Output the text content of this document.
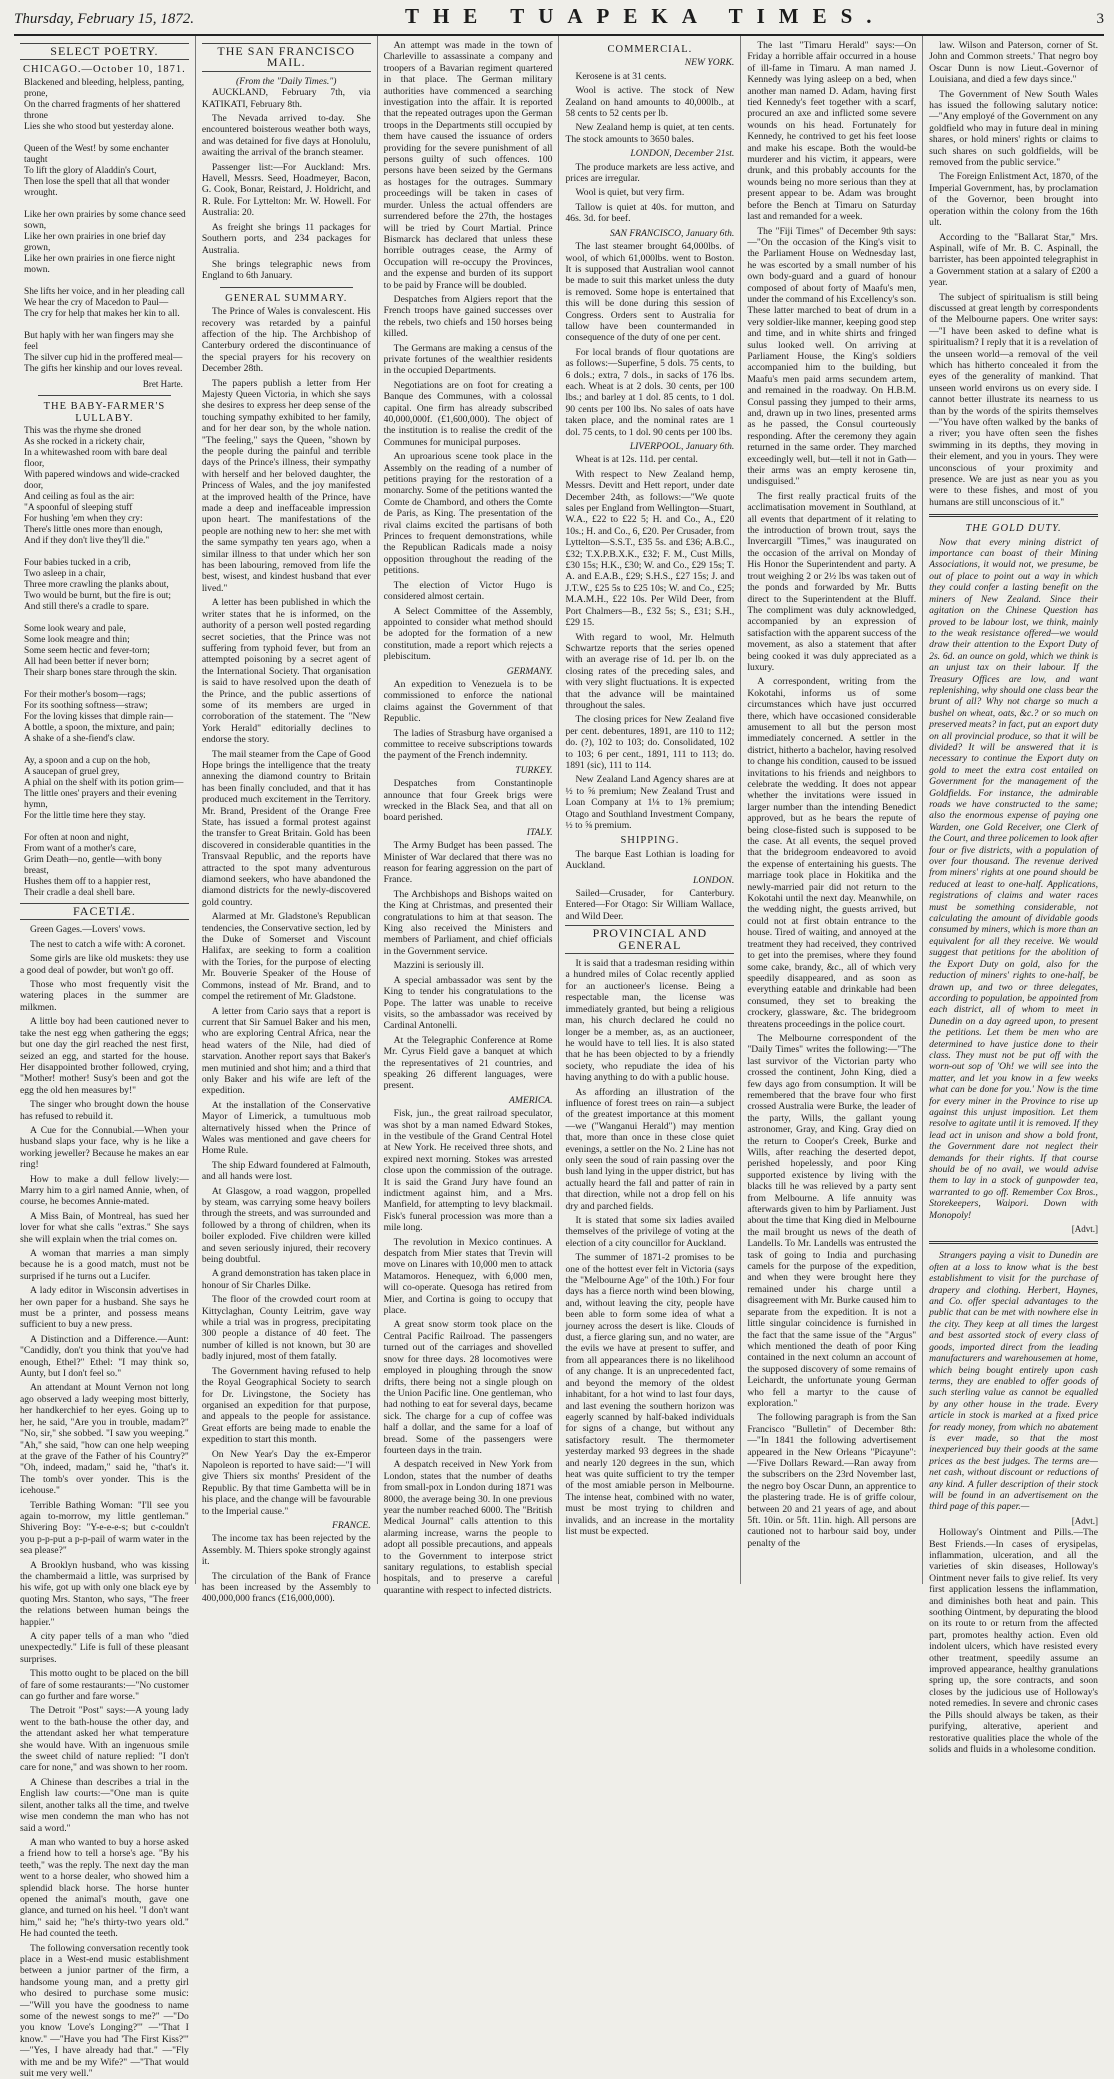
Thursday, February 15, 1872.	THE TUAPEKA TIMES.	3
SELECT POETRY.
CHICAGO.—October 10, 1871.
Blackened and bleeding, helpless, panting, prone,
On the charred fragments of her shattered throne
Lies she who stood but yesterday alone.

Queen of the West! by some enchanter taught
To lift the glory of Aladdin's Court,
Then lose the spell that all that wonder wrought.

Like her own prairies by some chance seed sown,
Like her own prairies in one brief day grown,
Like her own prairies in one fierce night mown.

She lifts her voice, and in her pleading call
We hear the cry of Macedon to Paul—
The cry for help that makes her kin to all.

But haply with her wan fingers may she feel
The silver cup hid in the proffered meal—
The gifts her kinship and our loves reveal.
Bret Harte.
THE BABY-FARMER'S LULLABY.
This was the rhyme she droned
As she rocked in a rickety chair,
In a whitewashed room with bare deal floor,
With papered windows and wide-cracked door,
And ceiling as foul as the air:
"A spoonful of sleeping stuff
For hushing 'em when they cry:
There's little ones more than enough,
And if they don't live they'll die."

Four babies tucked in a crib,
Two asleep in a chair,
Three more crawling the planks about,
Two would be burnt, but the fire is out;
And still there's a cradle to spare.

Some look weary and pale,
Some look meagre and thin;
Some seem hectic and fever-torn;
All had been better if never born;
Their sharp bones stare through the skin.

For their mother's bosom—rags;
For its soothing softness—straw;
For the loving kisses that dimple rain—
A bottle, a spoon, the mixture, and pain;
A shake of a she-fiend's claw.

Ay, a spoon and a cup on the hob,
A saucepan of gruel grey,
A phial on the shelf with its potion grim—
The little ones' prayers and their evening hymn,
For the little time here they stay.

For often at noon and night,
From want of a mother's care,
Grim Death—no, gentle—with bony breast,
Hushes them off to a happier rest,
Their cradle a deal shell bare.
FACETIÆ.

Green Gages.—Lovers' vows.

The nest to catch a wife with: A coronet.

Some girls are like old muskets: they use a good deal of powder, but won't go off.

Those who most frequently visit the watering places in the summer are milkmen.

A little boy had been cautioned never to take the nest egg when gathering the eggs; but one day the girl reached the nest first, seized an egg, and started for the house. Her disappointed brother followed, crying, "Mother! mother! Susy's been and got the egg the old hen measures by!"

The singer who brought down the house has refused to rebuild it.

A Cue for the Connubial.—When your husband slaps your face, why is he like a working jeweller? Because he makes an ear ring!

How to make a dull fellow lively:—Marry him to a girl named Annie, when, of course, he becomes Annie-mated.

A Miss Bain, of Montreal, has sued her lover for what she calls "extras." She says she will explain when the trial comes on.

A woman that marries a man simply because he is a good match, must not be surprised if he turns out a Lucifer.

A lady editor in Wisconsin advertises in her own paper for a husband. She says he must be a printer, and possess means sufficient to buy a new press.

A Distinction and a Difference.—Aunt: "Candidly, don't you think that you've had enough, Ethel?" Ethel: "I may think so, Aunty, but I don't feel so."

An attendant at Mount Vernon not long ago observed a lady weeping most bitterly, her handkerchief to her eyes. Going up to her, he said, "Are you in trouble, madam?" "No, sir," she sobbed. "I saw you weeping." "Ah," she said, "how can one help weeping at the grave of the Father of his Country?" "Oh, indeed, madam," said he, "that's it. The tomb's over yonder. This is the icehouse."

Terrible Bathing Woman: "I'll see you again to-morrow, my little gentleman." Shivering Boy: "Y-e-e-e-s; but c-couldn't you p-p-put a p-p-pail of warm water in the sea please?"

A Brooklyn husband, who was kissing the chambermaid a little, was surprised by his wife, got up with only one black eye by quoting Mrs. Stanton, who says, "The freer the relations between human beings the happier."

A city paper tells of a man who "died unexpectedly." Life is full of these pleasant surprises.

This motto ought to be placed on the bill of fare of some restaurants:—"No customer can go further and fare worse."

The Detroit "Post" says:—A young lady went to the bath-house the other day, and the attendant asked her what temperature she would have. With an ingenuous smile the sweet child of nature replied: "I don't care for none," and was shown to her room.

A Chinese than describes a trial in the English law courts:—"One man is quite silent, another talks all the time, and twelve wise men condemn the man who has not said a word."

A man who wanted to buy a horse asked a friend how to tell a horse's age. "By his teeth," was the reply. The next day the man went to a horse dealer, who showed him a splendid black horse. The horse hunter opened the animal's mouth, gave one glance, and turned on his heel. "I don't want him," said he; "he's thirty-two years old." He had counted the teeth.

The following conversation recently took place in a West-end music establishment between a junior partner of the firm, a handsome young man, and a pretty girl who desired to purchase some music:—"Will you have the goodness to name some of the newest songs to me?" —"Do you know 'Love's Longing?'" —"That I know." —"Have you had 'The First Kiss?'" —"Yes, I have already had that." —"Fly with me and be my Wife?" —"That would suit me very well."

THE SAN FRANCISCO MAIL.
(From the "Daily Times.")

AUCKLAND, February 7th, via KATIKATI, February 8th.

The Nevada arrived to-day. She encountered boisterous weather both ways, and was detained for five days at Honolulu, awaiting the arrival of the branch steamer.

Passenger list:—For Auckland: Mrs. Havell, Messrs. Seed, Hoadmeyer, Bacon, G. Cook, Bonar, Reistard, J. Holdricht, and R. Rule. For Lyttelton: Mr. W. Howell. For Australia: 20.

As freight she brings 11 packages for Southern ports, and 234 packages for Australia.

She brings telegraphic news from England to 6th January.

GENERAL SUMMARY.

The Prince of Wales is convalescent. His recovery was retarded by a painful affection of the hip. The Archbishop of Canterbury ordered the discontinuance of the special prayers for his recovery on December 28th.

The papers publish a letter from Her Majesty Queen Victoria, in which she says she desires to express her deep sense of the touching sympathy exhibited to her family, and for her dear son, by the whole nation. "The feeling," says the Queen, "shown by the people during the painful and terrible days of the Prince's illness, their sympathy with herself and her beloved daughter, the Princess of Wales, and the joy manifested at the improved health of the Prince, have made a deep and ineffaceable impression upon heart. The manifestations of the people are nothing new to her: she met with the same sympathy ten years ago, when a similar illness to that under which her son has been labouring, removed from life the best, wisest, and kindest husband that ever lived."

A letter has been published in which the writer states that he is informed, on the authority of a person well posted regarding secret societies, that the Prince was not suffering from typhoid fever, but from an attempted poisoning by a secret agent of the International Society. That organisation is said to have resolved upon the death of the Prince, and the public assertions of some of its members are urged in corroboration of the statement. The "New York Herald" editorially declines to endorse the story.

The mail steamer from the Cape of Good Hope brings the intelligence that the treaty annexing the diamond country to Britain has been finally concluded, and that it has produced much excitement in the Territory. Mr. Brand, President of the Orange Free State, has issued a formal protest against the transfer to Great Britain. Gold has been discovered in considerable quantities in the Transvaal Republic, and the reports have attracted to the spot many adventurous diamond seekers, who have abandoned the diamond districts for the newly-discovered gold country.

Alarmed at Mr. Gladstone's Republican tendencies, the Conservative section, led by the Duke of Somerset and Viscount Halifax, are seeking to form a coalition with the Tories, for the purpose of electing Mr. Bouverie Speaker of the House of Commons, instead of Mr. Brand, and to compel the retirement of Mr. Gladstone.

A letter from Cario says that a report is current that Sir Samuel Baker and his men, who are exploring Central Africa, near the head waters of the Nile, had died of starvation. Another report says that Baker's men mutinied and shot him; and a third that only Baker and his wife are left of the expedition.

At the installation of the Conservative Mayor of Limerick, a tumultuous mob alternatively hissed when the Prince of Wales was mentioned and gave cheers for Home Rule.

The ship Edward foundered at Falmouth, and all hands were lost.

At Glasgow, a road waggon, propelled by steam, was carrying some heavy boilers through the streets, and was surrounded and followed by a throng of children, when its boiler exploded. Five children were killed and seven seriously injured, their recovery being doubtful.

A grand demonstration has taken place in honour of Sir Charles Dilke.

The floor of the crowded court room at Kittyclaghan, County Leitrim, gave way while a trial was in progress, precipitating 300 people a distance of 40 feet. The number of killed is not known, but 30 are badly injured, most of them fatally.

The Government having refused to help the Royal Geographical Society to search for Dr. Livingstone, the Society has organised an expedition for that purpose, and appeals to the people for assistance. Great efforts are being made to enable the expedition to start this month.

On New Year's Day the ex-Emperor Napoleon is reported to have said:—"I will give Thiers six months' President of the Republic. By that time Gambetta will be in his place, and the change will be favourable to the Imperial cause."

FRANCE.

The income tax has been rejected by the Assembly. M. Thiers spoke strongly against it.

The circulation of the Bank of France has been increased by the Assembly to 400,000,000 francs (£16,000,000).

An attempt was made in the town of Charleville to assassinate a company and troopers of a Bavarian regiment quartered in that place. The German military authorities have commenced a searching investigation into the affair. It is reported that the repeated outrages upon the German troops in the Departments still occupied by them have caused the issuance of orders providing for the severe punishment of all persons guilty of such offences. 100 persons have been seized by the Germans as hostages for the outrages. Summary proceedings will be taken in cases of murder. Unless the actual offenders are surrendered before the 27th, the hostages will be tried by Court Martial. Prince Bismarck has declared that unless these horrible outrages cease, the Army of Occupation will re-occupy the Provinces, and the expense and burden of its support to be paid by France will be doubled.

Despatches from Algiers report that the French troops have gained successes over the rebels, two chiefs and 150 horses being killed.

The Germans are making a census of the private fortunes of the wealthier residents in the occupied Departments.

Negotiations are on foot for creating a Banque des Communes, with a colossal capital. One firm has already subscribed 40,000,000f. (£1,600,000). The object of the institution is to realise the credit of the Communes for municipal purposes.

An uproarious scene took place in the Assembly on the reading of a number of petitions praying for the restoration of a monarchy. Some of the petitions wanted the Comte de Chambord, and others the Comte de Paris, as King. The presentation of the rival claims excited the partisans of both Princes to frequent demonstrations, while the Republican Radicals made a noisy opposition throughout the reading of the petitions.

The election of Victor Hugo is considered almost certain.

A Select Committee of the Assembly, appointed to consider what method should be adopted for the formation of a new constitution, made a report which rejects a plebiscitum.

GERMANY.

An expedition to Venezuela is to be commissioned to enforce the national claims against the Government of that Republic.

The ladies of Strasburg have organised a committee to receive subscriptions towards the payment of the French indemnity.

TURKEY.

Despatches from Constantinople announce that four Greek brigs were wrecked in the Black Sea, and that all on board perished.

ITALY.

The Army Budget has been passed. The Minister of War declared that there was no reason for fearing aggression on the part of France.

The Archbishops and Bishops waited on the King at Christmas, and presented their congratulations to him at that season. The King also received the Ministers and members of Parliament, and chief officials in the Government service.

Mazzini is seriously ill.

A special ambassador was sent by the King to tender his congratulations to the Pope. The latter was unable to receive visits, so the ambassador was received by Cardinal Antonelli.

At the Telegraphic Conference at Rome Mr. Cyrus Field gave a banquet at which the representatives of 21 countries, and speaking 26 different languages, were present.

AMERICA.

Fisk, jun., the great railroad speculator, was shot by a man named Edward Stokes, in the vestibule of the Grand Central Hotel at New York. He received three shots, and expired next morning. Stokes was arrested close upon the commission of the outrage. It is said the Grand Jury have found an indictment against him, and a Mrs. Manfield, for attempting to levy blackmail. Fisk's funeral procession was more than a mile long.

The revolution in Mexico continues. A despatch from Mier states that Trevin will move on Linares with 10,000 men to attack Matamoros. Henequez, with 6,000 men, will co-operate. Quesoga has retired from Mier, and Cortina is going to occupy that place.

A great snow storm took place on the Central Pacific Railroad. The passengers turned out of the carriages and shovelled snow for three days. 28 locomotives were employed in ploughing through the snow drifts, there being not a single plough on the Union Pacific line. One gentleman, who had nothing to eat for several days, became sick. The charge for a cup of coffee was half a dollar, and the same for a loaf of bread. Some of the passengers were fourteen days in the train.

A despatch received in New York from London, states that the number of deaths from small-pox in London during 1871 was 8000, the average being 30. In one previous year the number reached 6000. The "British Medical Journal" calls attention to this alarming increase, warns the people to adopt all possible precautions, and appeals to the Government to interpose strict sanitary regulations, to establish special hospitals, and to preserve a careful quarantine with respect to infected districts.

COMMERCIAL.
NEW YORK.

Kerosene is at 31 cents.

Wool is active. The stock of New Zealand on hand amounts to 40,000lb., at 58 cents to 52 cents per lb.

New Zealand hemp is quiet, at ten cents. The stock amounts to 3650 bales.

LONDON, December 21st.

The produce markets are less active, and prices are irregular.

Wool is quiet, but very firm.

Tallow is quiet at 40s. for mutton, and 46s. 3d. for beef.

SAN FRANCISCO, January 6th.

The last steamer brought 64,000lbs. of wool, of which 61,000lbs. went to Boston. It is supposed that Australian wool cannot be made to suit this market unless the duty is removed. Some hope is entertained that this will be done during this session of Congress. Orders sent to Australia for tallow have been countermanded in consequence of the duty of one per cent.

For local brands of flour quotations are as follows:—Superfine, 5 dols. 75 cents, to 6 dols.; extra, 7 dols., in sacks of 176 lbs. each. Wheat is at 2 dols. 30 cents, per 100 lbs.; and barley at 1 dol. 85 cents, to 1 dol. 90 cents per 100 lbs. No sales of oats have taken place, and the nominal rates are 1 dol. 75 cents, to 1 dol. 90 cents per 100 lbs.

LIVERPOOL, January 6th.

Wheat is at 12s. 11d. per cental.

With respect to New Zealand hemp, Messrs. Devitt and Hett report, under date December 24th, as follows:—"We quote sales per England from Wellington—Stuart, W.A., £22 to £22 5; H. and Co., A., £20 10s.; H. and Co., 6, £20. Per Crusader, from Lyttelton—S.S.T., £35 5s. and £36; A.B.C., £32; T.X.P.B.X.K., £32; F. M., Cust Mills, £30 15s; H.K., £30; W. and Co., £29 15s; T. A. and E.A.B., £29; S.H.S., £27 15s; J. and J.T.W., £25 5s to £25 10s; W. and Co., £25; M.A.M.H., £22 10s. Per Wild Deer, from Port Chalmers—B., £32 5s; S., £31; S.H., £29 15.

With regard to wool, Mr. Helmuth Schwartze reports that the series opened with an average rise of 1d. per lb. on the closing rates of the preceding sales, and with very slight fluctuations. It is expected that the advance will be maintained throughout the sales.

The closing prices for New Zealand five per cent. debentures, 1891, are 110 to 112; do. (?), 102 to 103; do. Consolidated, 102 to 103; 6 per cent., 1891, 111 to 113; do. 1891 (sic), 111 to 114.

New Zealand Land Agency shares are at ½ to ⅝ premium; New Zealand Trust and Loan Company at 1⅛ to 1⅜ premium; Otago and Southland Investment Company, ½ to ⅝ premium.

SHIPPING.

The barque East Lothian is loading for Auckland.

LONDON.

Sailed—Crusader, for Canterbury. Entered—For Otago: Sir William Wallace, and Wild Deer.

PROVINCIAL AND GENERAL

It is said that a tradesman residing within a hundred miles of Colac recently applied for an auctioneer's license. Being a respectable man, the license was immediately granted, but being a religious man, his church declared he could no longer be a member, as, as an auctioneer, he would have to tell lies. It is also stated that he has been objected to by a friendly society, who repudiate the idea of his having anything to do with a public house.

As affording an illustration of the influence of forest trees on rain—a subject of the greatest importance at this moment—we ("Wanganui Herald") may mention that, more than once in these close quiet evenings, a settler on the No. 2 Line has not only seen the soud of rain passing over the bush land lying in the upper district, but has actually heard the fall and patter of rain in that direction, while not a drop fell on his dry and parched fields.

It is stated that some six ladies availed themselves of the privilege of voting at the election of a city councillor for Auckland.

The summer of 1871-2 promises to be one of the hottest ever felt in Victoria (says the "Melbourne Age" of the 10th.) For four days has a fierce north wind been blowing, and, without leaving the city, people have been able to form some idea of what a journey across the desert is like. Clouds of dust, a fierce glaring sun, and no water, are the evils we have at present to suffer, and from all appearances there is no likelihood of any change. It is an unprecedented fact, and beyond the memory of the oldest inhabitant, for a hot wind to last four days, and last evening the southern horizon was eagerly scanned by half-baked individuals for signs of a change, but without any satisfactory result. The thermometer yesterday marked 93 degrees in the shade and nearly 120 degrees in the sun, which heat was quite sufficient to try the temper of the most amiable person in Melbourne. The intense heat, combined with no water, must be most trying to children and invalids, and an increase in the mortality list must be expected.

The last "Timaru Herald" says:—On Friday a horrible affair occurred in a house of ill-fame in Timaru. A man named J. Kennedy was lying asleep on a bed, when another man named D. Adam, having first tied Kennedy's feet together with a scarf, procured an axe and inflicted some severe wounds on his head. Fortunately for Kennedy, he contrived to get his feet loose and make his escape. Both the would-be murderer and his victim, it appears, were drunk, and this probably accounts for the wounds being no more serious than they at present appear to be. Adam was brought before the Bench at Timaru on Saturday last and remanded for a week.

The "Fiji Times" of December 9th says:—"On the occasion of the King's visit to the Parliament House on Wednesday last, he was escorted by a small number of his own body-guard and a guard of honour composed of about forty of Maafu's men, under the command of his Excellency's son. These latter marched to beat of drum in a very soldier-like manner, keeping good step and time, and in white shirts and fringed sulus looked well. On arriving at Parliament House, the King's soldiers accompanied him to the building, but Maafu's men paid arms secundem artem, and remained in the roadway. On H.B.M. Consul passing they jumped to their arms, and, drawn up in two lines, presented arms as he passed, the Consul courteously responding. After the ceremony they again returned in the same order. They marched exceedingly well, but—tell it not in Gath—their arms was an empty kerosene tin, undisguised."

The first really practical fruits of the acclimatisation movement in Southland, at all events that department of it relating to the introduction of brown trout, says the Invercargill "Times," was inaugurated on the occasion of the arrival on Monday of His Honor the Superintendent and party. A trout weighing 2 or 2½ lbs was taken out of the ponds and forwarded by Mr. Butts direct to the Superintendent at the Bluff. The compliment was duly acknowledged, accompanied by an expression of satisfaction with the apparent success of the movement, as also a statement that after being cooked it was duly appreciated as a luxury.

A correspondent, writing from the Kokotahi, informs us of some circumstances which have just occurred there, which have occasioned considerable amusement to all but the person most immediately concerned. A settler in the district, hitherto a bachelor, having resolved to change his condition, caused to be issued invitations to his friends and neighbors to celebrate the wedding. It does not appear whether the invitations were issued in larger number than the intending Benedict approved, but as he bears the repute of being close-fisted such is supposed to be the case. At all events, the sequel proved that the bridegroom endeavored to avoid the expense of entertaining his guests. The marriage took place in Hokitika and the newly-married pair did not return to the Kokotahi until the next day. Meanwhile, on the wedding night, the guests arrived, but could not at first obtain entrance to the house. Tired of waiting, and annoyed at the treatment they had received, they contrived to get into the premises, where they found some cake, brandy, &c., all of which very speedily disappeared, and as soon as everything eatable and drinkable had been consumed, they set to breaking the crockery, glassware, &c. The bridegroom threatens proceedings in the police court.

The Melbourne correspondent of the "Daily Times" writes the following:—"The last survivor of the Victorian party who crossed the continent, John King, died a few days ago from consumption. It will be remembered that the brave four who first crossed Australia were Burke, the leader of the party, Wills, the gallant young astronomer, Gray, and King. Gray died on the return to Cooper's Creek, Burke and Wills, after reaching the deserted depot, perished hopelessly, and poor King supported existence by living with the blacks till he was relieved by a party sent from Melbourne. A life annuity was afterwards given to him by Parliament. Just about the time that King died in Melbourne the mail brought us news of the death of Landells. To Mr. Landells was entrusted the task of going to India and purchasing camels for the purpose of the expedition, and when they were brought here they remained under his charge until a disagreement with Mr. Burke caused him to separate from the expedition. It is not a little singular coincidence is furnished in the fact that the same issue of the "Argus" which mentioned the death of poor King contained in the next column an account of the supposed discovery of some remains of Leichardt, the unfortunate young German who fell a martyr to the cause of exploration."

The following paragraph is from the San Francisco "Bulletin" of December 8th:—"In 1841 the following advertisement appeared in the New Orleans "Picayune":—'Five Dollars Reward.—Ran away from the subscribers on the 23rd November last, the negro boy Oscar Dunn, an apprentice to the plastering trade. He is of griffe colour, between 20 and 21 years of age, and about 5ft. 10in. or 5ft. 11in. high. All persons are cautioned not to harbour said boy, under penalty of the

law. Wilson and Paterson, corner of St. John and Common streets.' That negro boy Oscar Dunn is now Lieut.-Governor of Louisiana, and died a few days since."

The Government of New South Wales has issued the following salutary notice:—"Any employé of the Government on any goldfield who may in future deal in mining shares, or hold miners' rights or claims to such shares on such goldfields, will be removed from the public service."

The Foreign Enlistment Act, 1870, of the Imperial Government, has, by proclamation of the Governor, been brought into operation within the colony from the 16th ult.

According to the "Ballarat Star," Mrs. Aspinall, wife of Mr. B. C. Aspinall, the barrister, has been appointed telegraphist in a Government station at a salary of £200 a year.

The subject of spiritualism is still being discussed at great length by correspondents of the Melbourne papers. One writer says:—"I have been asked to define what is spiritualism? I reply that it is a revelation of the unseen world—a removal of the veil which has hitherto concealed it from the eyes of the generality of mankind. That unseen world environs us on every side. I cannot better illustrate its nearness to us than by the words of the spirits themselves—"You have often walked by the banks of a river; you have often seen the fishes swimming in its depths, they moving in their element, and you in yours. They were unconscious of your proximity and presence. We are just as near you as you were to these fishes, and most of you humans are still unconscious of it."

THE GOLD DUTY.

Now that every mining district of importance can boast of their Mining Associations, it would not, we presume, be out of place to point out a way in which they could confer a lasting benefit on the miners of New Zealand. Since their agitation on the Chinese Question has proved to be labour lost, we think, mainly to the weak resistance offered—we would draw their attention to the Export Duty of 2s. 6d. an ounce on gold, which we think is an unjust tax on their labour. If the Treasury Offices are low, and want replenishing, why should one class bear the brunt of all? Why not charge so much a bushel on wheat, oats, &c.? or so much on preserved meats? in fact, put an export duty on all provincial produce, so that it will be divided? It will be answered that it is necessary to continue the Export duty on gold to meet the extra cost entailed on Government for the management of the Goldfields. For instance, the admirable roads we have constructed to the same; also the enormous expense of paying one Warden, one Gold Receiver, one Clerk of the Court, and three policemen to look after four or five districts, with a population of over four thousand. The revenue derived from miners' rights at one pound should be reduced at least to one-half. Applications, registrations of claims and water races must be something considerable, not calculating the amount of dividable goods consumed by miners, which is more than an equivalent for all they receive. We would suggest that petitions for the abolition of the Export Duty on gold, also for the reduction of miners' rights to one-half, be drawn up, and two or three delegates, according to population, be appointed from each district, all of whom to meet in Dunedin on a day agreed upon, to present the petitions. Let them be men who are determined to have justice done to their class. They must not be put off with the worn-out sop of 'Oh! we will see into the matter, and let you know in a few weeks what can be done for you.' Now is the time for every miner in the Province to rise up against this unjust imposition. Let them resolve to agitate until it is removed. If they lead act in unison and show a bold front, the Government dare not neglect their demands for their rights. If that course should be of no avail, we would advise them to lay in a stock of gunpowder tea, warranted to go off. Remember Cox Bros., Storekeepers, Waipori. Down with Monopoly!

[Advt.]

Strangers paying a visit to Dunedin are often at a loss to know what is the best establishment to visit for the purchase of drapery and clothing. Herbert, Haynes, and Co. offer special advantages to the public that can be met with nowhere else in the city. They keep at all times the largest and best assorted stock of every class of goods, imported direct from the leading manufacturers and warehousemen at home, which being bought entirely upon cash terms, they are enabled to offer goods of such sterling value as cannot be equalled by any other house in the trade. Every article in stock is marked at a fixed price for ready money, from which no abatement is ever made, so that the most inexperienced buy their goods at the same prices as the best judges. The terms are—net cash, without discount or reductions of any kind. A fuller description of their stock will be found in an advertisement on the third page of this paper.—

[Advt.]

Holloway's Ointment and Pills.—The Best Friends.—In cases of erysipelas, inflammation, ulceration, and all the varieties of skin diseases, Holloway's Ointment never fails to give relief. Its very first application lessens the inflammation, and diminishes both heat and pain. This soothing Ointment, by depurating the blood on its route to or return from the affected part, promotes healthy action. Even old indolent ulcers, which have resisted every other treatment, speedily assume an improved appearance, healthy granulations spring up, the sore contracts, and soon closes by the judicious use of Holloway's noted remedies. In severe and chronic cases the Pills should always be taken, as their purifying, alterative, aperient and restorative qualities place the whole of the solids and fluids in a wholesome condition.
